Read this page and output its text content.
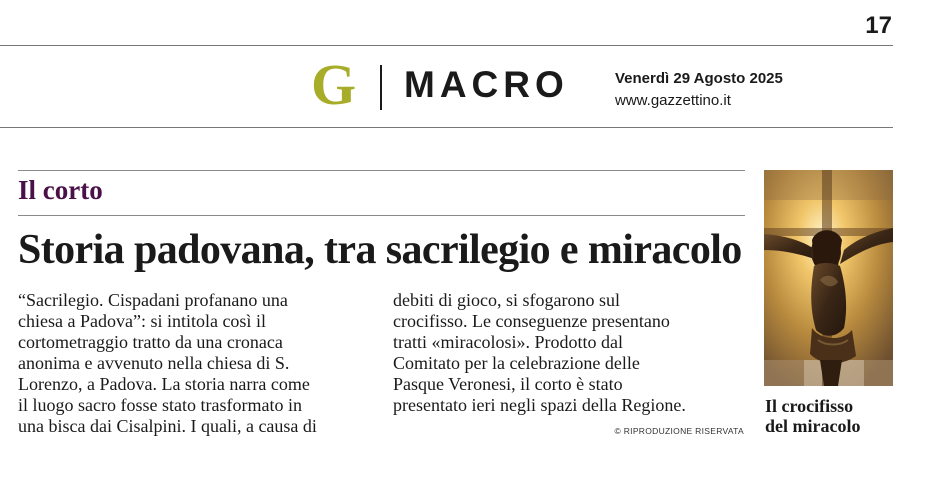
17
G MACRO	Venerdì 29 Agosto 2025
www.gazzettino.it
Il corto
Storia padovana, tra sacrilegio e miracolo
“Sacrilegio. Cispadani profanano una
chiesa a Padova”: si intitola così il
cortometraggio tratto da una cronaca
anonima e avvenuto nella chiesa di S.
Lorenzo, a Padova. La storia narra come
il luogo sacro fosse stato trasformato in
una bisca dai Cisalpini. I quali, a causa di
debiti di gioco, si sfogarono sul
crocifisso. Le conseguenze presentano
tratti «miracolosi». Prodotto dal
Comitato per la celebrazione delle
Pasque Veronesi, il corto è stato
presentato ieri negli spazi della Regione.
© RIPRODUZIONE RISERVATA
Il crocifisso
del miracolo
